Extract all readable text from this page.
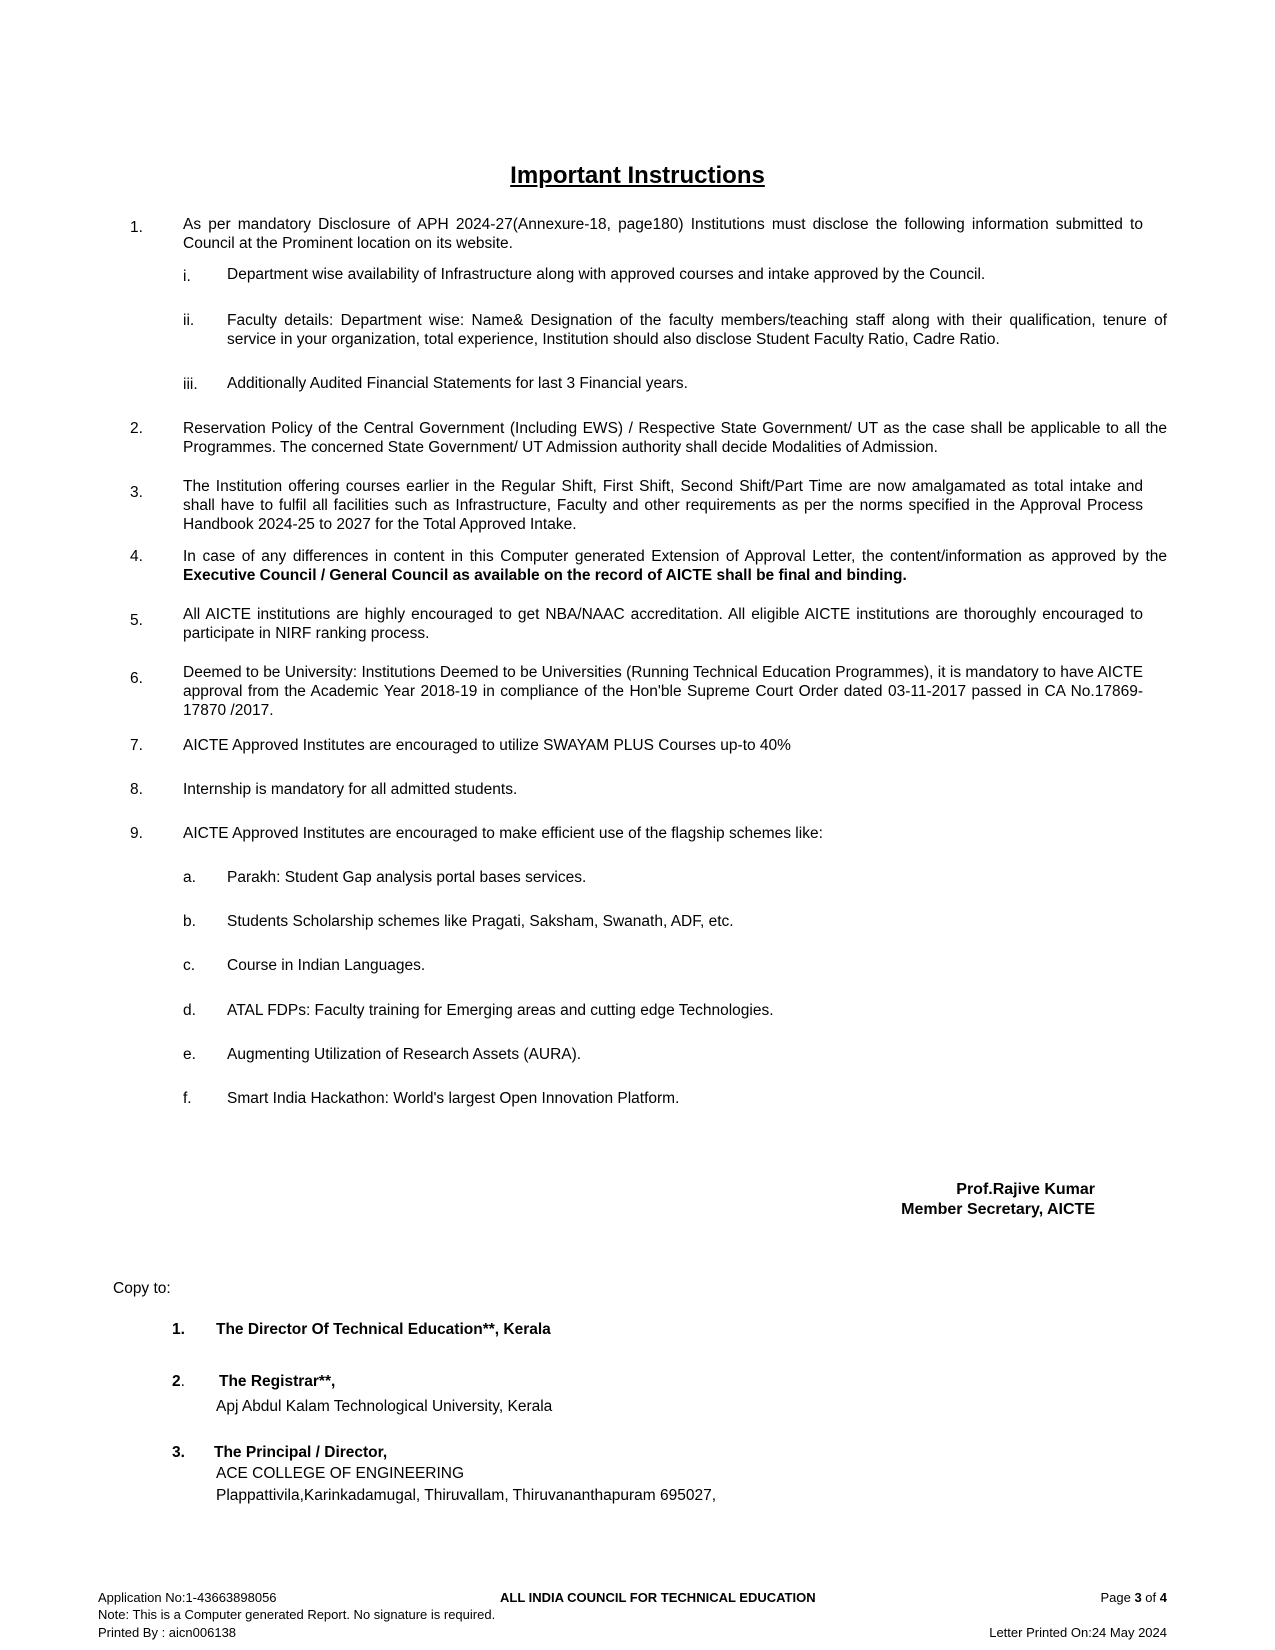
Important Instructions
1.	As per mandatory Disclosure of APH 2024-27(Annexure-18, page180) Institutions must disclose the following information submitted to Council at the Prominent location on its website.
i. Department wise availability of Infrastructure along with approved courses and intake approved by the Council.
ii. Faculty details: Department wise: Name& Designation of the faculty members/teaching staff along with their qualification, tenure of service in your organization, total experience, Institution should also disclose Student Faculty Ratio, Cadre Ratio.
iii. Additionally Audited Financial Statements for last 3 Financial years.
2.	Reservation Policy of the Central Government (Including EWS) / Respective State Government/ UT as the case shall be applicable to all the Programmes. The concerned State Government/ UT Admission authority shall decide Modalities of Admission.
3.	The Institution offering courses earlier in the Regular Shift, First Shift, Second Shift/Part Time are now amalgamated as total intake and shall have to fulfil all facilities such as Infrastructure, Faculty and other requirements as per the norms specified in the Approval Process Handbook 2024-25 to 2027 for the Total Approved Intake.
4.	In case of any differences in content in this Computer generated Extension of Approval Letter, the content/information as approved by the Executive Council / General Council as available on the record of AICTE shall be final and binding.
5.	All AICTE institutions are highly encouraged to get NBA/NAAC accreditation. All eligible AICTE institutions are thoroughly encouraged to participate in NIRF ranking process.
6.	Deemed to be University: Institutions Deemed to be Universities (Running Technical Education Programmes), it is mandatory to have AICTE approval from the Academic Year 2018-19 in compliance of the Hon'ble Supreme Court Order dated 03-11-2017 passed in CA No.17869- 17870 /2017.
7.	AICTE Approved Institutes are encouraged to utilize SWAYAM PLUS Courses up-to 40%
8.	Internship is mandatory for all admitted students.
9.	AICTE Approved Institutes are encouraged to make efficient use of the flagship schemes like:
a. Parakh: Student Gap analysis portal bases services.
b. Students Scholarship schemes like Pragati, Saksham, Swanath, ADF, etc.
c. Course in Indian Languages.
d. ATAL FDPs: Faculty training for Emerging areas and cutting edge Technologies.
e. Augmenting Utilization of Research Assets (AURA).
f. Smart India Hackathon: World's largest Open Innovation Platform.
Prof.Rajive Kumar
Member Secretary, AICTE
Copy to:
1. The Director Of Technical Education**, Kerala
2. The Registrar**,
Apj Abdul Kalam Technological University, Kerala
3. The Principal / Director,
ACE COLLEGE OF ENGINEERING
Plappattivila,Karinkadamugal, Thiruvallam, Thiruvananthapuram 695027,
Application No:1-43663898056	ALL INDIA COUNCIL FOR TECHNICAL EDUCATION	Page 3 of 4
Note: This is a Computer generated Report. No signature is required.
Printed By : aicn006138	Letter Printed On:24 May 2024
